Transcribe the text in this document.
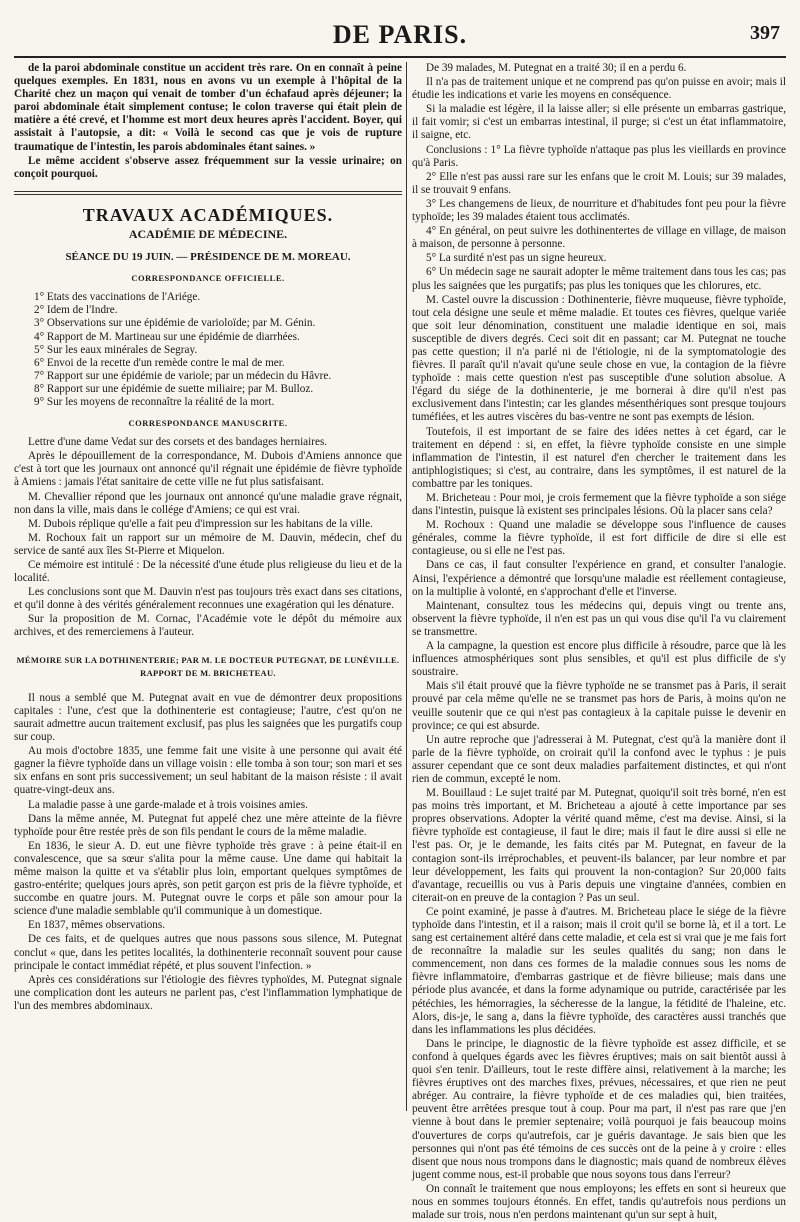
DE PARIS.	397

de la paroi abdominale constitue un accident très rare. On en connaît à peine quelques exemples. En 1831, nous en avons vu un exemple à l'hôpital de la Charité chez un maçon qui venait de tomber d'un échafaud après déjeuner; la paroi abdominale était simplement contuse; le colon traverse qui était plein de matière a été crevé, et l'homme est mort deux heures après l'accident. Boyer, qui assistait à l'autopsie, a dit: « Voilà le second cas que je vois de rupture traumatique de l'intestin, les parois abdominales étant saines. »

Le même accident s'observe assez fréquemment sur la vessie urinaire; on conçoit pourquoi.

TRAVAUX ACADÉMIQUES.
ACADÉMIE DE MÉDECINE.
SÉANCE DU 19 JUIN. — PRÉSIDENCE DE M. MOREAU.
CORRESPONDANCE OFFICIELLE.
1° Etats des vaccinations de l'Ariége.
2° Idem de l'Indre.
3° Observations sur une épidémie de varioloïde; par M. Génin.
4° Rapport de M. Martineau sur une épidémie de diarrhées.
5° Sur les eaux minérales de Segray.
6° Envoi de la recette d'un remède contre le mal de mer.
7° Rapport sur une épidémie de variole; par un médecin du Hâvre.
8° Rapport sur une épidémie de suette miliaire; par M. Bulloz.
9° Sur les moyens de reconnaître la réalité de la mort.
CORRESPONDANCE MANUSCRITE.

Lettre d'une dame Vedat sur des corsets et des bandages herniaires.

Après le dépouillement de la correspondance, M. Dubois d'Amiens annonce que c'est à tort que les journaux ont annoncé qu'il régnait une épidémie de fièvre typhoïde à Amiens : jamais l'état sanitaire de cette ville ne fut plus satisfaisant.

M. Chevallier répond que les journaux ont annoncé qu'une maladie grave régnait, non dans la ville, mais dans le collége d'Amiens; ce qui est vrai.

M. Dubois réplique qu'elle a fait peu d'impression sur les habitans de la ville.

M. Rochoux fait un rapport sur un mémoire de M. Dauvin, médecin, chef du service de santé aux îles St-Pierre et Miquelon.

Ce mémoire est intitulé : De la nécessité d'une étude plus religieuse du lieu et de la localité.

Les conclusions sont que M. Dauvin n'est pas toujours très exact dans ses citations, et qu'il donne à des vérités généralement reconnues une exagération qui les dénature.

Sur la proposition de M. Cornac, l'Académie vote le dépôt du mémoire aux archives, et des remerciemens à l'auteur.

MÉMOIRE SUR LA DOTHINENTERIE; PAR M. LE DOCTEUR PUTEGNAT, DE LUNÉVILLE. RAPPORT DE M. BRICHETEAU.

Il nous a semblé que M. Putegnat avait en vue de démontrer deux propositions capitales : l'une, c'est que la dothinenterie est contagieuse; l'autre, c'est qu'on ne saurait admettre aucun traitement exclusif, pas plus les saignées que les purgatifs coup sur coup.

Au mois d'octobre 1835, une femme fait une visite à une personne qui avait été gagner la fièvre typhoïde dans un village voisin : elle tomba à son tour; son mari et ses six enfans en sont pris successivement; un seul habitant de la maison résiste : il avait quatre-vingt-deux ans.

La maladie passe à une garde-malade et à trois voisines amies.

Dans la même année, M. Putegnat fut appelé chez une mère atteinte de la fièvre typhoïde pour être restée près de son fils pendant le cours de la même maladie.

En 1836, le sieur A. D. eut une fièvre typhoïde très grave : à peine était-il en convalescence, que sa sœur s'alita pour la même cause. Une dame qui habitait la même maison la quitte et va s'établir plus loin, emportant quelques symptômes de gastro-entérite; quelques jours après, son petit garçon est pris de la fièvre typhoïde, et succombe en quatre jours. M. Putegnat ouvre le corps et pâle son amour pour la science d'une maladie semblable qu'il communique à un domestique.

En 1837, mêmes observations.

De ces faits, et de quelques autres que nous passons sous silence, M. Putegnat conclut « que, dans les petites localités, la dothinenterie reconnaît souvent pour cause principale le contact immédiat répété, et plus souvent l'infection. »

Après ces considérations sur l'étiologie des fièvres typhoïdes, M. Putegnat signale une complication dont les auteurs ne parlent pas, c'est l'inflammation lymphatique de l'un des membres abdominaux.

De 39 malades, M. Putegnat en a traité 30; il en a perdu 6.

Il n'a pas de traitement unique et ne comprend pas qu'on puisse en avoir; mais il étudie les indications et varie les moyens en conséquence.

Si la maladie est légère, il la laisse aller; si elle présente un embarras gastrique, il fait vomir; si c'est un embarras intestinal, il purge; si c'est un état inflammatoire, il saigne, etc.

Conclusions : 1° La fièvre typhoïde n'attaque pas plus les vieillards en province qu'à Paris.

2° Elle n'est pas aussi rare sur les enfans que le croit M. Louis; sur 39 malades, il se trouvait 9 enfans.

3° Les changemens de lieux, de nourriture et d'habitudes font peu pour la fièvre typhoïde; les 39 malades étaient tous acclimatés.

4° En général, on peut suivre les dothinentertes de village en village, de maison à maison, de personne à personne.

5° La surdité n'est pas un signe heureux.

6° Un médecin sage ne saurait adopter le même traitement dans tous les cas; pas plus les saignées que les purgatifs; pas plus les toniques que les chlorures, etc.

M. Castel ouvre la discussion : Dothinenterie, fièvre muqueuse, fièvre typhoïde, tout cela désigne une seule et même maladie. Et toutes ces fièvres, quelque variée que soit leur dénomination, constituent une maladie identique en soi, mais susceptible de divers degrés. Ceci soit dit en passant; car M. Putegnat ne touche pas cette question; il n'a parlé ni de l'étiologie, ni de la symptomatologie des fièvres. Il paraît qu'il n'avait qu'une seule chose en vue, la contagion de la fièvre typhoïde : mais cette question n'est pas susceptible d'une solution absolue. A l'égard du siége de la dothinenterie, je me bornerai à dire qu'il n'est pas exclusivement dans l'intestin; car les glandes mésenthériques sont presque toujours tuméfiées, et les autres viscères du bas-ventre ne sont pas exempts de lésion.

Toutefois, il est important de se faire des idées nettes à cet égard, car le traitement en dépend : si, en effet, la fièvre typhoïde consiste en une simple inflammation de l'intestin, il est naturel d'en chercher le traitement dans les antiphlogistiques; si c'est, au contraire, dans les symptômes, il est naturel de la combattre par les toniques.

M. Bricheteau : Pour moi, je crois fermement que la fièvre typhoïde a son siége dans l'intestin, puisque là existent ses principales lésions. Où la placer sans cela?

M. Rochoux : Quand une maladie se développe sous l'influence de causes générales, comme la fièvre typhoïde, il est fort difficile de dire si elle est contagieuse, ou si elle ne l'est pas.

Dans ce cas, il faut consulter l'expérience en grand, et consulter l'analogie. Ainsi, l'expérience a démontré que lorsqu'une maladie est réellement contagieuse, on la multiplie à volonté, en s'approchant d'elle et l'inverse.

Maintenant, consultez tous les médecins qui, depuis vingt ou trente ans, observent la fièvre typhoïde, il n'en est pas un qui vous dise qu'il l'a vu clairement se transmettre.

A la campagne, la question est encore plus difficile à résoudre, parce que là les influences atmosphériques sont plus sensibles, et qu'il est plus difficile de s'y soustraire.

Mais s'il était prouvé que la fièvre typhoïde ne se transmet pas à Paris, il serait prouvé par cela même qu'elle ne se transmet pas hors de Paris, à moins qu'on ne veuille soutenir que ce qui n'est pas contagieux à la capitale puisse le devenir en province; ce qui est absurde.

Un autre reproche que j'adresserai à M. Putegnat, c'est qu'à la manière dont il parle de la fièvre typhoïde, on croirait qu'il la confond avec le typhus : je puis assurer cependant que ce sont deux maladies parfaitement distinctes, et qui n'ont rien de commun, excepté le nom.

M. Bouillaud : Le sujet traité par M. Putegnat, quoiqu'il soit très borné, n'en est pas moins très important, et M. Bricheteau a ajouté à cette importance par ses propres observations. Adopter la vérité quand même, c'est ma devise. Ainsi, si la fièvre typhoïde est contagieuse, il faut le dire; mais il faut le dire aussi si elle ne l'est pas. Or, je le demande, les faits cités par M. Putegnat, en faveur de la contagion sont-ils irréprochables, et peuvent-ils balancer, par leur nombre et par leur développement, les faits qui prouvent la non-contagion? Sur 20,000 faits d'avantage, recueillis ou vus à Paris depuis une vingtaine d'années, combien en citerait-on en preuve de la contagion ? Pas un seul.

Ce point examiné, je passe à d'autres. M. Bricheteau place le siége de la fièvre typhoïde dans l'intestin, et il a raison; mais il croit qu'il se borne là, et il a tort. Le sang est certainement altéré dans cette maladie, et cela est si vrai que je me fais fort de reconnaître la maladie sur les seules qualités du sang; non dans le commencement, non dans ces formes de la maladie connues sous les noms de fièvre inflammatoire, d'embarras gastrique et de fièvre bilieuse; mais dans une période plus avancée, et dans la forme adynamique ou putride, caractérisée par les pétéchies, les hémorragies, la sécheresse de la langue, la fétidité de l'haleine, etc. Alors, dis-je, le sang a, dans la fièvre typhoïde, des caractères aussi tranchés que dans les inflammations les plus décidées.

Dans le principe, le diagnostic de la fièvre typhoïde est assez difficile, et se confond à quelques égards avec les fièvres éruptives; mais on sait bientôt aussi à quoi s'en tenir. D'ailleurs, tout le reste diffère ainsi, relativement à la marche; les fièvres éruptives ont des marches fixes, prévues, nécessaires, et que rien ne peut abréger. Au contraire, la fièvre typhoïde et de ces maladies qui, bien traitées, peuvent être arrêtées presque tout à coup. Pour ma part, il n'est pas rare que j'en vienne à bout dans le premier septenaire; voilà pourquoi je fais beaucoup moins d'ouvertures de corps qu'autrefois, car je guéris davantage. Je sais bien que les personnes qui n'ont pas été témoins de ces succès ont de la peine à y croire : elles disent que nous nous trompons dans le diagnostic; mais quand de nombreux élèves jugent comme nous, est-il probable que nous soyons tous dans l'erreur?

On connaît le traitement que nous employons; les effets en sont si heureux que nous en sommes toujours étonnés. En effet, tandis qu'autrefois nous perdions un malade sur trois, nous n'en perdons maintenant qu'un sur sept à huit,
